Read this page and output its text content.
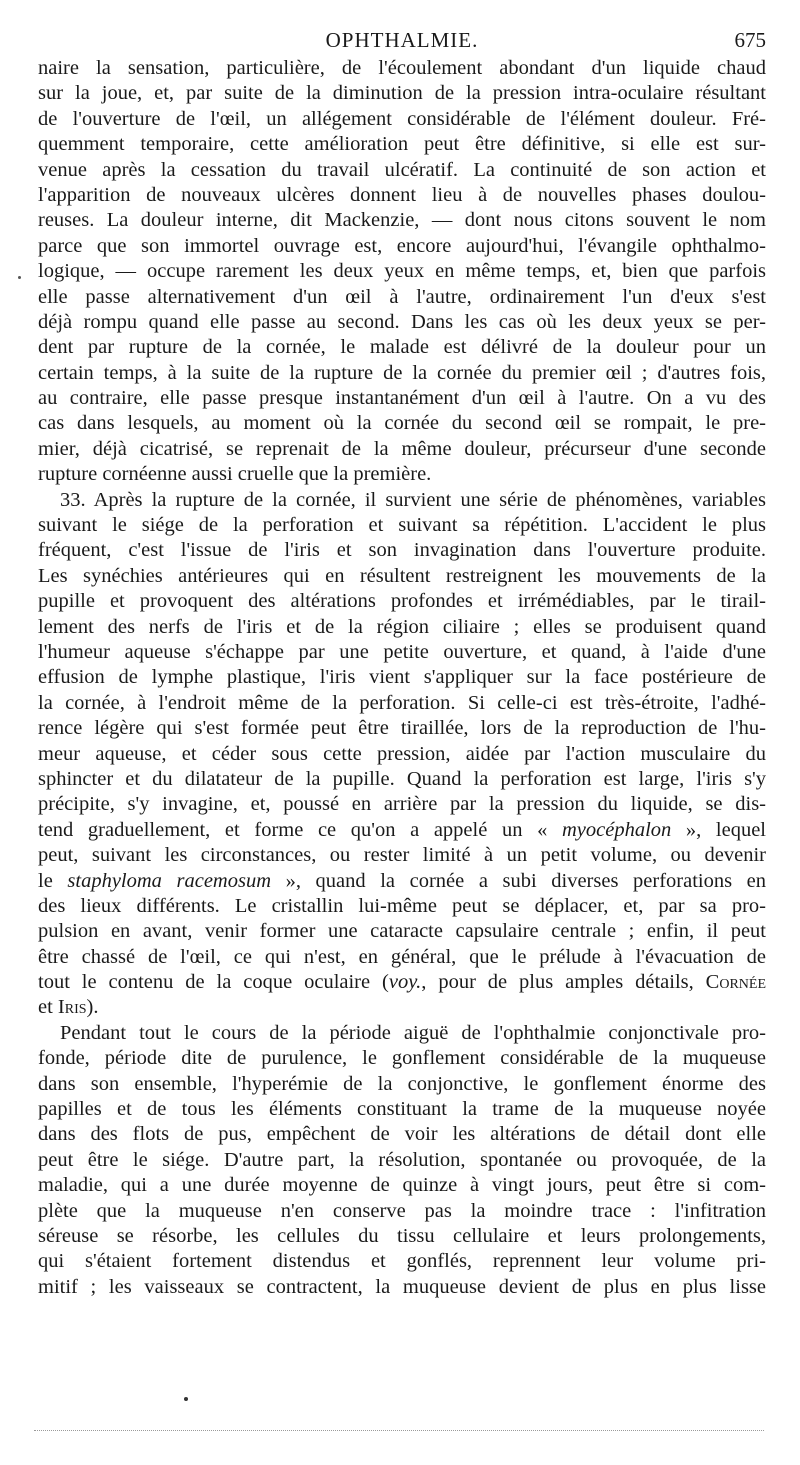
OPHTHALMIE.	675
naire la sensation, particulière, de l'écoulement abondant d'un liquide chaud
sur la joue, et, par suite de la diminution de la pression intra-oculaire résultant
de l'ouverture de l'œil, un allégement considérable de l'élément douleur. Fré-
quemment temporaire, cette amélioration peut être définitive, si elle est sur-
venue après la cessation du travail ulcératif. La continuité de son action et
l'apparition de nouveaux ulcères donnent lieu à de nouvelles phases doulou-
reuses. La douleur interne, dit Mackenzie, — dont nous citons souvent le nom
parce que son immortel ouvrage est, encore aujourd'hui, l'évangile ophthalmo-
logique, — occupe rarement les deux yeux en même temps, et, bien que parfois
elle passe alternativement d'un œil à l'autre, ordinairement l'un d'eux s'est
déjà rompu quand elle passe au second. Dans les cas où les deux yeux se per-
dent par rupture de la cornée, le malade est délivré de la douleur pour un
certain temps, à la suite de la rupture de la cornée du premier œil ; d'autres fois,
au contraire, elle passe presque instantanément d'un œil à l'autre. On a vu des
cas dans lesquels, au moment où la cornée du second œil se rompait, le pre-
mier, déjà cicatrisé, se reprenait de la même douleur, précurseur d'une seconde
rupture cornéenne aussi cruelle que la première.
33. Après la rupture de la cornée, il survient une série de phénomènes, variables
suivant le siége de la perforation et suivant sa répétition. L'accident le plus
fréquent, c'est l'issue de l'iris et son invagination dans l'ouverture produite.
Les synéchies antérieures qui en résultent restreignent les mouvements de la
pupille et provoquent des altérations profondes et irrémédiables, par le tirail-
lement des nerfs de l'iris et de la région ciliaire ; elles se produisent quand
l'humeur aqueuse s'échappe par une petite ouverture, et quand, à l'aide d'une
effusion de lymphe plastique, l'iris vient s'appliquer sur la face postérieure de
la cornée, à l'endroit même de la perforation. Si celle-ci est très-étroite, l'adhé-
rence légère qui s'est formée peut être tiraillée, lors de la reproduction de l'hu-
meur aqueuse, et céder sous cette pression, aidée par l'action musculaire du
sphincter et du dilatateur de la pupille. Quand la perforation est large, l'iris s'y
précipite, s'y invagine, et, poussé en arrière par la pression du liquide, se dis-
tend graduellement, et forme ce qu'on a appelé un « myocéphalon », lequel
peut, suivant les circonstances, ou rester limité à un petit volume, ou devenir
le staphyloma racemosum », quand la cornée a subi diverses perforations en
des lieux différents. Le cristallin lui-même peut se déplacer, et, par sa pro-
pulsion en avant, venir former une cataracte capsulaire centrale ; enfin, il peut
être chassé de l'œil, ce qui n'est, en général, que le prélude à l'évacuation de
tout le contenu de la coque oculaire (voy., pour de plus amples détails, Cornée
et Iris).
Pendant tout le cours de la période aiguë de l'ophthalmie conjonctivale pro-
fonde, période dite de purulence, le gonflement considérable de la muqueuse
dans son ensemble, l'hyperémie de la conjonctive, le gonflement énorme des
papilles et de tous les éléments constituant la trame de la muqueuse noyée
dans des flots de pus, empêchent de voir les altérations de détail dont elle
peut être le siége. D'autre part, la résolution, spontanée ou provoquée, de la
maladie, qui a une durée moyenne de quinze à vingt jours, peut être si com-
plète que la muqueuse n'en conserve pas la moindre trace : l'infitration
séreuse se résorbe, les cellules du tissu cellulaire et leurs prolongements,
qui s'étaient fortement distendus et gonflés, reprennent leur volume pri-
mitif ; les vaisseaux se contractent, la muqueuse devient de plus en plus lisse
